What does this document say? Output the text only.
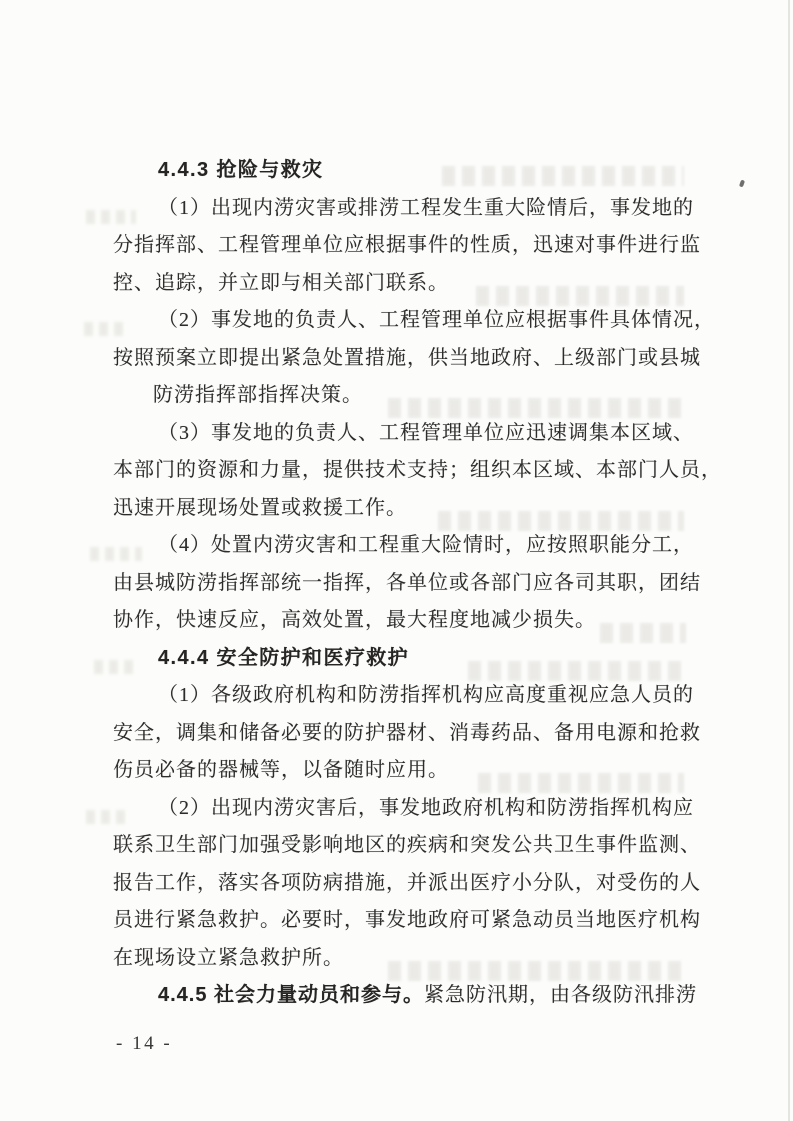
4.4.3 抢险与救灾
（1）出现内涝灾害或排涝工程发生重大险情后，事发地的
分指挥部、工程管理单位应根据事件的性质，迅速对事件进行监
控、追踪，并立即与相关部门联系。
（2）事发地的负责人、工程管理单位应根据事件具体情况，
按照预案立即提出紧急处置措施，供当地政府、上级部门或县城
防涝指挥部指挥决策。
（3）事发地的负责人、工程管理单位应迅速调集本区域、
本部门的资源和力量，提供技术支持；组织本区域、本部门人员，
迅速开展现场处置或救援工作。
（4）处置内涝灾害和工程重大险情时，应按照职能分工，
由县城防涝指挥部统一指挥，各单位或各部门应各司其职，团结
协作，快速反应，高效处置，最大程度地减少损失。
4.4.4 安全防护和医疗救护
（1）各级政府机构和防涝指挥机构应高度重视应急人员的
安全，调集和储备必要的防护器材、消毒药品、备用电源和抢救
伤员必备的器械等，以备随时应用。
（2）出现内涝灾害后，事发地政府机构和防涝指挥机构应
联系卫生部门加强受影响地区的疾病和突发公共卫生事件监测、
报告工作，落实各项防病措施，并派出医疗小分队，对受伤的人
员进行紧急救护。必要时，事发地政府可紧急动员当地医疗机构
在现场设立紧急救护所。
4.4.5 社会力量动员和参与。紧急防汛期，由各级防汛排涝
- 14 -
